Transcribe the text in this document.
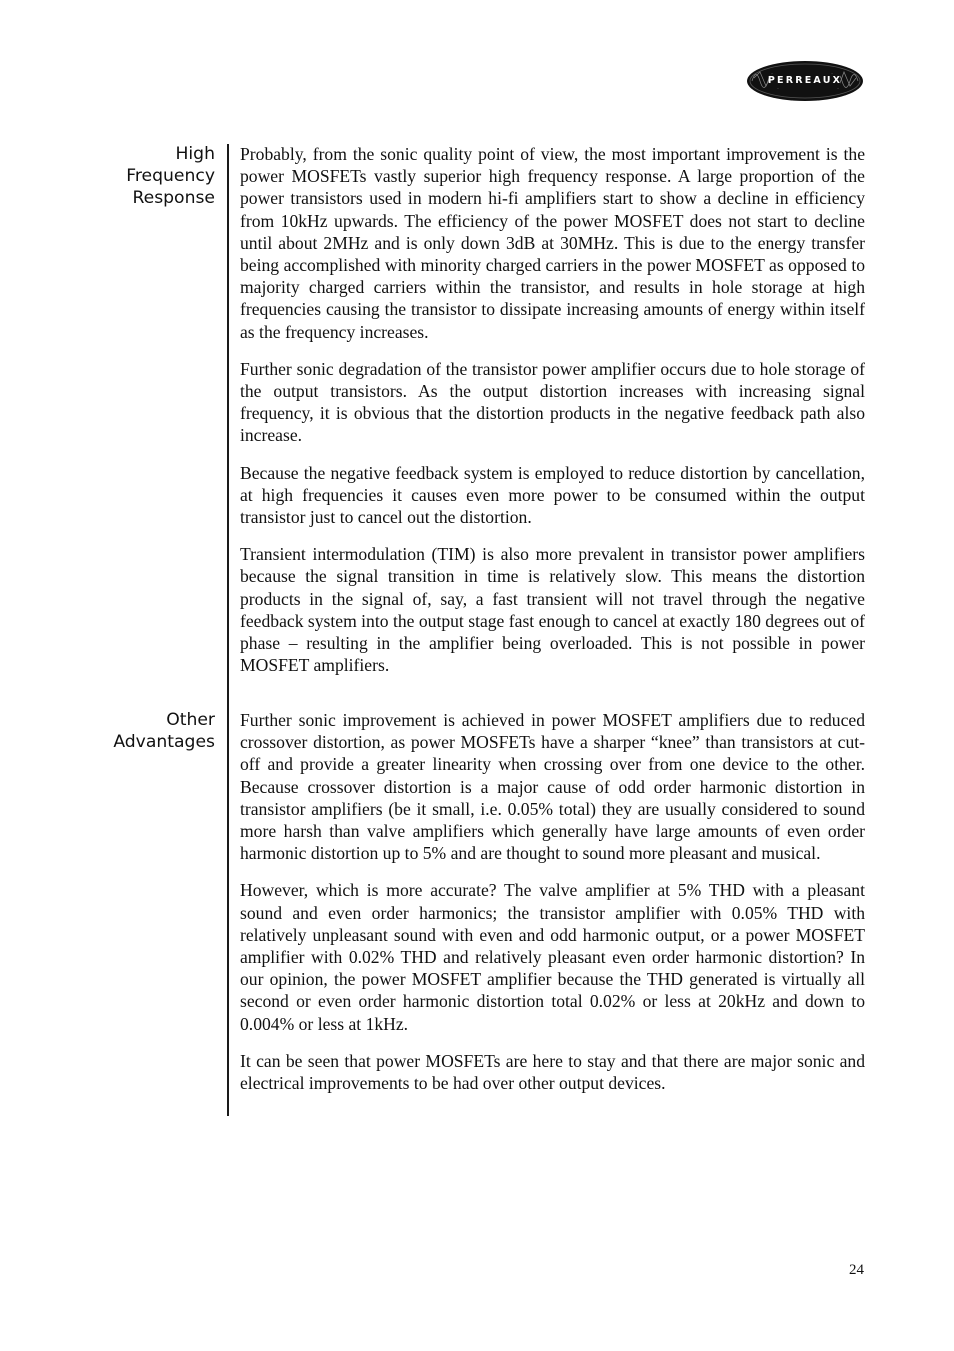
PERREAUX
High
Frequency
Response

Probably, from the sonic quality point of view, the most important improvement is the power MOSFETs vastly superior high frequency response. A large proportion of the power transistors used in modern hi-fi amplifiers start to show a decline in efficiency from 10kHz upwards. The efficiency of the power MOSFET does not start to decline until about 2MHz and is only down 3dB at 30MHz. This is due to the energy transfer being accomplished with minority charged carriers in the power MOSFET as opposed to majority charged carriers within the transistor, and results in hole storage at high frequencies causing the transistor to dissipate increasing amounts of energy within itself as the frequency increases.

Further sonic degradation of the transistor power amplifier occurs due to hole storage of the output transistors. As the output distortion increases with increasing signal frequency, it is obvious that the distortion products in the negative feedback path also increase.

Because the negative feedback system is employed to reduce distortion by cancellation, at high frequencies it causes even more power to be consumed within the output transistor just to cancel out the distortion.

Transient intermodulation (TIM) is also more prevalent in transistor power amplifiers because the signal transition in time is relatively slow. This means the distortion products in the signal of, say, a fast transient will not travel through the negative feedback system into the output stage fast enough to cancel at exactly 180 degrees out of phase – resulting in the amplifier being overloaded. This is not possible in power MOSFET amplifiers.

Other
Advantages

Further sonic improvement is achieved in power MOSFET amplifiers due to reduced crossover distortion, as power MOSFETs have a sharper “knee” than transistors at cut-off and provide a greater linearity when crossing over from one device to the other. Because crossover distortion is a major cause of odd order harmonic distortion in transistor amplifiers (be it small, i.e. 0.05% total) they are usually considered to sound more harsh than valve amplifiers which generally have large amounts of even order harmonic distortion up to 5% and are thought to sound more pleasant and musical.

However, which is more accurate? The valve amplifier at 5% THD with a pleasant sound and even order harmonics; the transistor amplifier with 0.05% THD with relatively unpleasant sound with even and odd harmonic output, or a power MOSFET amplifier with 0.02% THD and relatively pleasant even order harmonic distortion? In our opinion, the power MOSFET amplifier because the THD generated is virtually all second or even order harmonic distortion total 0.02% or less at 20kHz and down to 0.004% or less at 1kHz.

It can be seen that power MOSFETs are here to stay and that there are major sonic and electrical improvements to be had over other output devices.

24
